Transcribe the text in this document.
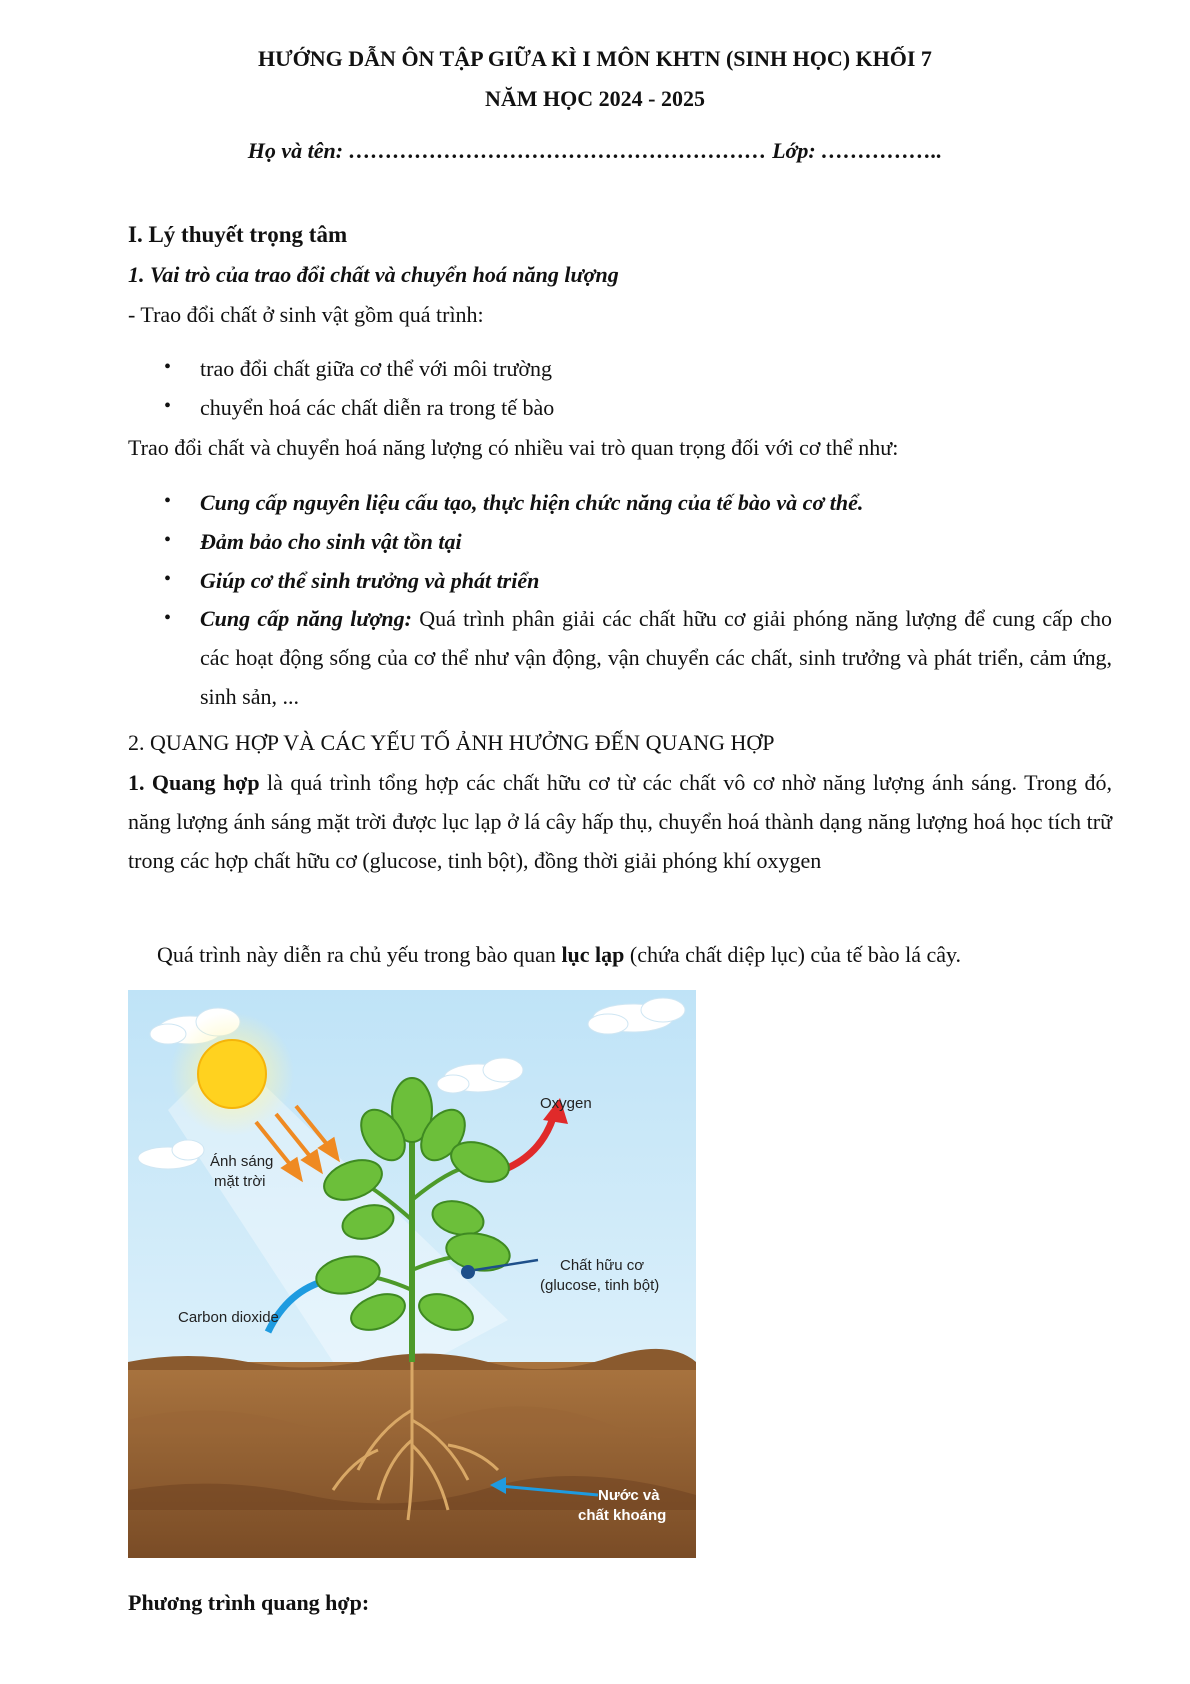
HƯỚNG DẪN ÔN TẬP GIỮA KÌ I MÔN KHTN (SINH HỌC) KHỐI 7
NĂM HỌC 2024 - 2025
Họ và tên: ………………………………………………… Lớp: ……………..
I. Lý thuyết trọng tâm
1. Vai trò của trao đổi chất và chuyển hoá năng lượng
- Trao đổi chất ở sinh vật gồm quá trình:
• trao đổi chất giữa cơ thể với môi trường
• chuyển hoá các chất diễn ra trong tế bào
Trao đổi chất và chuyển hoá năng lượng có nhiều vai trò quan trọng đối với cơ thể như:
• Cung cấp nguyên liệu cấu tạo, thực hiện chức năng của tế bào và cơ thể.
• Đảm bảo cho sinh vật tồn tại
• Giúp cơ thể sinh trưởng và phát triển
• Cung cấp năng lượng: Quá trình phân giải các chất hữu cơ giải phóng năng lượng để cung cấp cho các hoạt động sống của cơ thể như vận động, vận chuyển các chất, sinh trưởng và phát triển, cảm ứng, sinh sản, ...
2. QUANG HỢP VÀ CÁC YẾU TỐ ẢNH HƯỞNG ĐẾN QUANG HỢP
1. Quang hợp là quá trình tổng hợp các chất hữu cơ từ các chất vô cơ nhờ năng lượng ánh sáng. Trong đó, năng lượng ánh sáng mặt trời được lục lạp ở lá cây hấp thụ, chuyển hoá thành dạng năng lượng hoá học tích trữ trong các hợp chất hữu cơ (glucose, tinh bột), đồng thời giải phóng khí oxygen
Quá trình này diễn ra chủ yếu trong bào quan lục lạp (chứa chất diệp lục) của tế bào lá cây.
Ánh sáng
mặt trời
Oxygen
Carbon dioxide
Chất hữu cơ
(glucose, tinh bột)
Nước và
chất khoáng
Phương trình quang hợp:
